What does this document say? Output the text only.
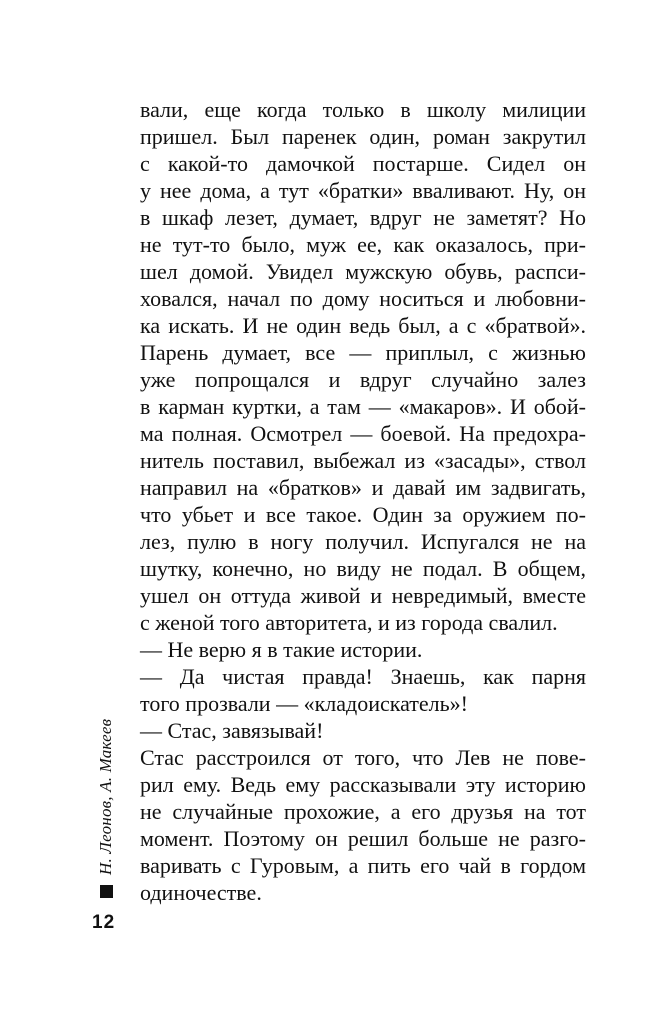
вали, еще когда только в школу милиции
пришел. Был паренек один, роман закрутил
с какой-то дамочкой постарше. Сидел он
у нее дома, а тут «братки» вваливают. Ну, он
в шкаф лезет, думает, вдруг не заметят? Но
не тут-то было, муж ее, как оказалось, при-
шел домой. Увидел мужскую обувь, распси-
ховался, начал по дому носиться и любовни-
ка искать. И не один ведь был, а с «братвой».
Парень думает, все — приплыл, с жизнью
уже попрощался и вдруг случайно залез
в карман куртки, а там — «макаров». И обой-
ма полная. Осмотрел — боевой. На предохра-
нитель поставил, выбежал из «засады», ствол
направил на «братков» и давай им задвигать,
что убьет и все такое. Один за оружием по-
лез, пулю в ногу получил. Испугался не на
шутку, конечно, но виду не подал. В общем,
ушел он оттуда живой и невредимый, вместе
с женой того авторитета, и из города свалил.
— Не верю я в такие истории.
— Да чистая правда! Знаешь, как парня
того прозвали — «кладоискатель»!
— Стас, завязывай!
Стас расстроился от того, что Лев не пове-
рил ему. Ведь ему рассказывали эту историю
не случайные прохожие, а его друзья на тот
момент. Поэтому он решил больше не разго-
варивать с Гуровым, а пить его чай в гордом
одиночестве.
Н. Леонов, А. Макеев
12
